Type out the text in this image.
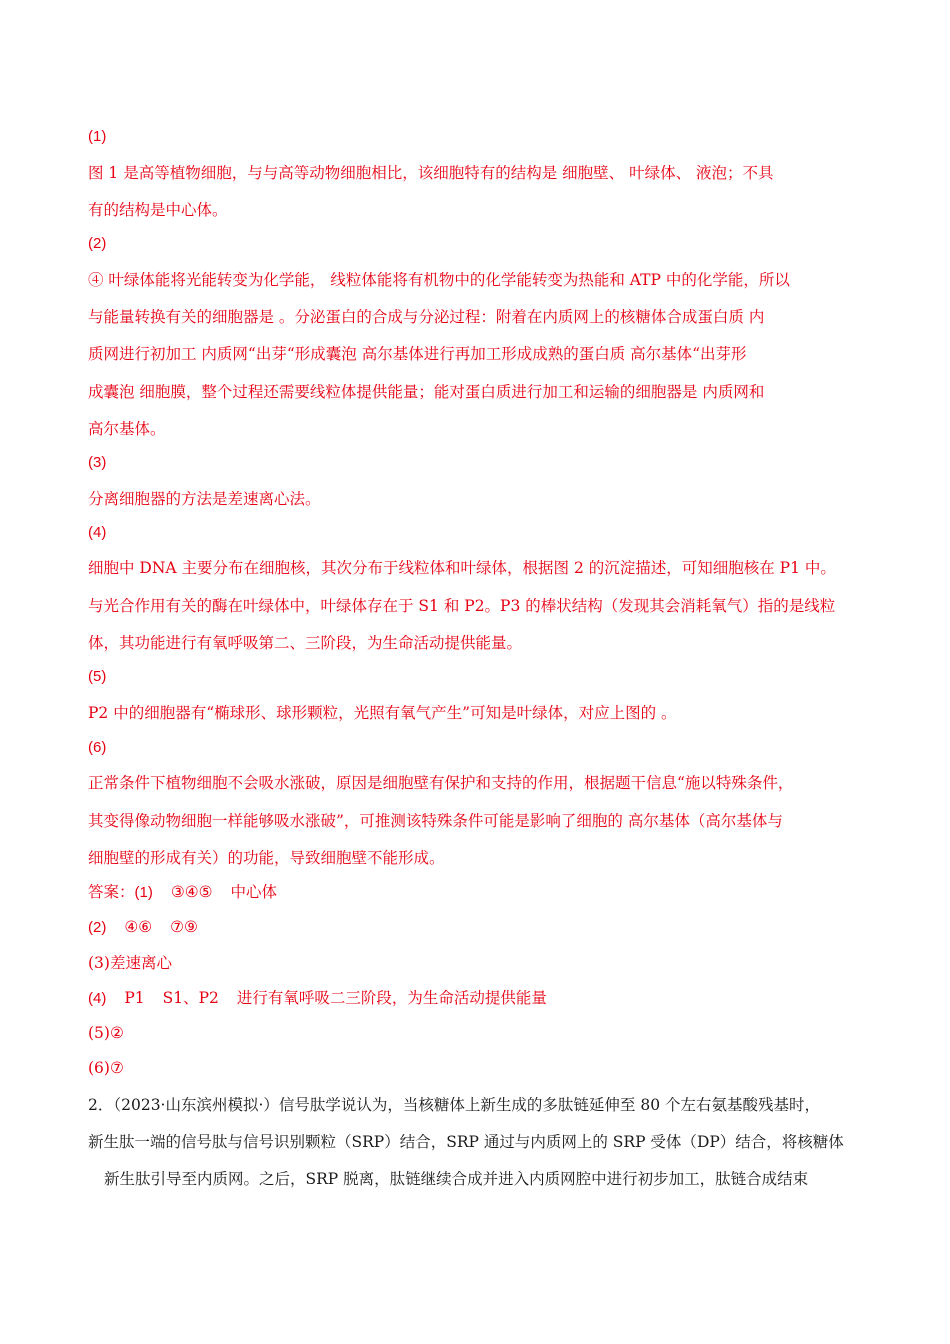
(1)
图 1 是高等植物细胞，与与高等动物细胞相比，该细胞特有的结构是 细胞壁、 叶绿体、 液泡；不具
有的结构是中心体。
(2)
④ 叶绿体能将光能转变为化学能， 线粒体能将有机物中的化学能转变为热能和 ATP 中的化学能，所以
与能量转换有关的细胞器是 。分泌蛋白的合成与分泌过程：附着在内质网上的核糖体合成蛋白质 内
质网进行初加工 内质网“出芽“形成囊泡 高尔基体进行再加工形成成熟的蛋白质 高尔基体“出芽形
成囊泡 细胞膜，整个过程还需要线粒体提供能量；能对蛋白质进行加工和运输的细胞器是 内质网和
高尔基体。
(3)
分离细胞器的方法是差速离心法。
(4)
细胞中 DNA 主要分布在细胞核，其次分布于线粒体和叶绿体，根据图 2 的沉淀描述，可知细胞核在 P1 中。
与光合作用有关的酶在叶绿体中，叶绿体存在于 S1 和 P2。P3 的棒状结构（发现其会消耗氧气）指的是线粒
体，其功能进行有氧呼吸第二、三阶段，为生命活动提供能量。
(5)
P2 中的细胞器有“椭球形、球形颗粒，光照有氧气产生”可知是叶绿体，对应上图的 。
(6)
正常条件下植物细胞不会吸水涨破，原因是细胞壁有保护和支持的作用，根据题干信息“施以特殊条件，
其变得像动物细胞一样能够吸水涨破”，可推测该特殊条件可能是影响了细胞的 高尔基体（高尔基体与
细胞壁的形成有关）的功能，导致细胞壁不能形成。
答案：(1) ③④⑤ 中心体
(2) ④⑥ ⑦⑨
(3)差速离心
(4) P1 S1、P2 进行有氧呼吸二三阶段，为生命活动提供能量
(5)②
(6)⑦
2．（2023·山东滨州模拟·）信号肽学说认为，当核糖体上新生成的多肽链延伸至 80 个左右氨基酸残基时，
新生肽一端的信号肽与信号识别颗粒（SRP）结合，SRP 通过与内质网上的 SRP 受体（DP）结合，将核糖体
新生肽引导至内质网。之后，SRP 脱离，肽链继续合成并进入内质网腔中进行初步加工，肽链合成结束
